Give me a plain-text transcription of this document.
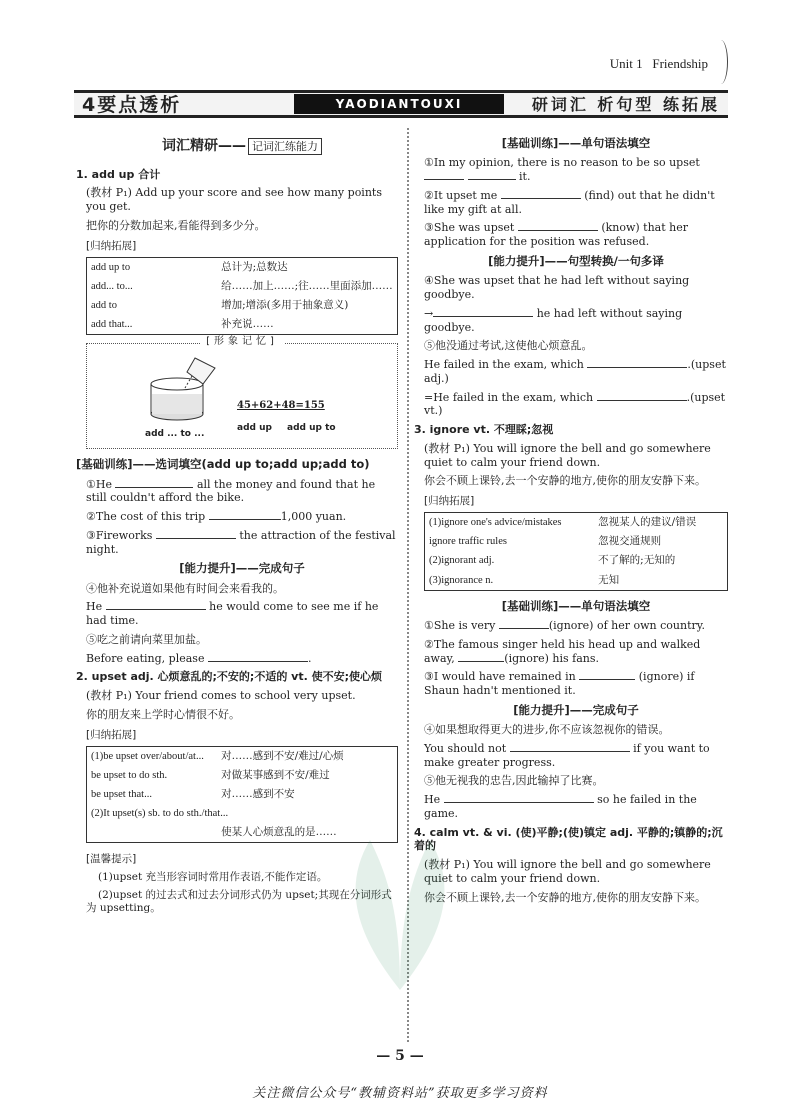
Unit 1 Friendship
4要点透析	YAODIANTOUXI	研词汇 析句型 练拓展
词汇精研—— 记词汇练能力

1. add up 合计

(教材 P₁) Add up your score and see how many points you get.

把你的分数加起来,看能得到多少分。

[归纳拓展]
add up to	总计为;总数达
add... to...	给……加上……;往……里面添加……
add to	增加;增添(多用于抽象意义)
add that...	补充说……
[形象记忆]
add ... to ...
45+62+48=155
add up add up to

[基础训练]——选词填空(add up to;add up;add to)

①He	all the money and found that he still couldn't afford the bike.

②The cost of this trip	1,000 yuan.

③Fireworks	the attraction of the festival night.

[能力提升]——完成句子

④他补充说道如果他有时间会来看我的。

He	he would come to see me if he had time.

⑤吃之前请向菜里加盐。

Before eating, please	.

2. upset adj. 心烦意乱的;不安的;不适的 vt. 使不安;使心烦

(教材 P₁) Your friend comes to school very upset.

你的朋友来上学时心情很不好。

[归纳拓展]
(1)be upset over/about/at...	对……感到不安/难过/心烦
be upset to do sth.	对做某事感到不安/难过
be upset that...	对……感到不安
(2)It upset(s) sb. to do sth./that...	
	使某人心烦意乱的是……
[温馨提示]

(1)upset 充当形容词时常用作表语,不能作定语。

(2)upset 的过去式和过去分词形式仍为 upset;其现在分词形式为 upsetting。

[基础训练]——单句语法填空

①In my opinion, there is no reason to be so upset   it.

②It upset me	(find) out that he didn't like my gift at all.

③She was upset	(know) that her application for the position was refused.

[能力提升]——句型转换/一句多译

④She was upset that he had left without saying goodbye.

→	he had left without saying goodbye.

⑤他没通过考试,这使他心烦意乱。

He failed in the exam, which	.(upset adj.)

=He failed in the exam, which	.(upset vt.)

3. ignore vt. 不理睬;忽视

(教材 P₁) You will ignore the bell and go somewhere quiet to calm your friend down.

你会不顾上课铃,去一个安静的地方,使你的朋友安静下来。

[归纳拓展]
(1)ignore one's advice/mistakes	忽视某人的建议/错误
ignore traffic rules	忽视交通规则
(2)ignorant adj.	不了解的;无知的
(3)ignorance n.	无知

[基础训练]——单句语法填空

①She is very	(ignore) of her own country.

②The famous singer held his head up and walked away,	(ignore) his fans.

③I would have remained in	(ignore) if Shaun hadn't mentioned it.

[能力提升]——完成句子

④如果想取得更大的进步,你不应该忽视你的错误。

You should not	if you want to make greater progress.

⑤他无视我的忠告,因此输掉了比赛。

He	so he failed in the game.

4. calm vt. & vi. (使)平静;(使)镇定 adj. 平静的;镇静的;沉着的

(教材 P₁) You will ignore the bell and go somewhere quiet to calm your friend down.

你会不顾上课铃,去一个安静的地方,使你的朋友安静下来。

— 5 —
关注微信公众号“教辅资料站”获取更多学习资料
